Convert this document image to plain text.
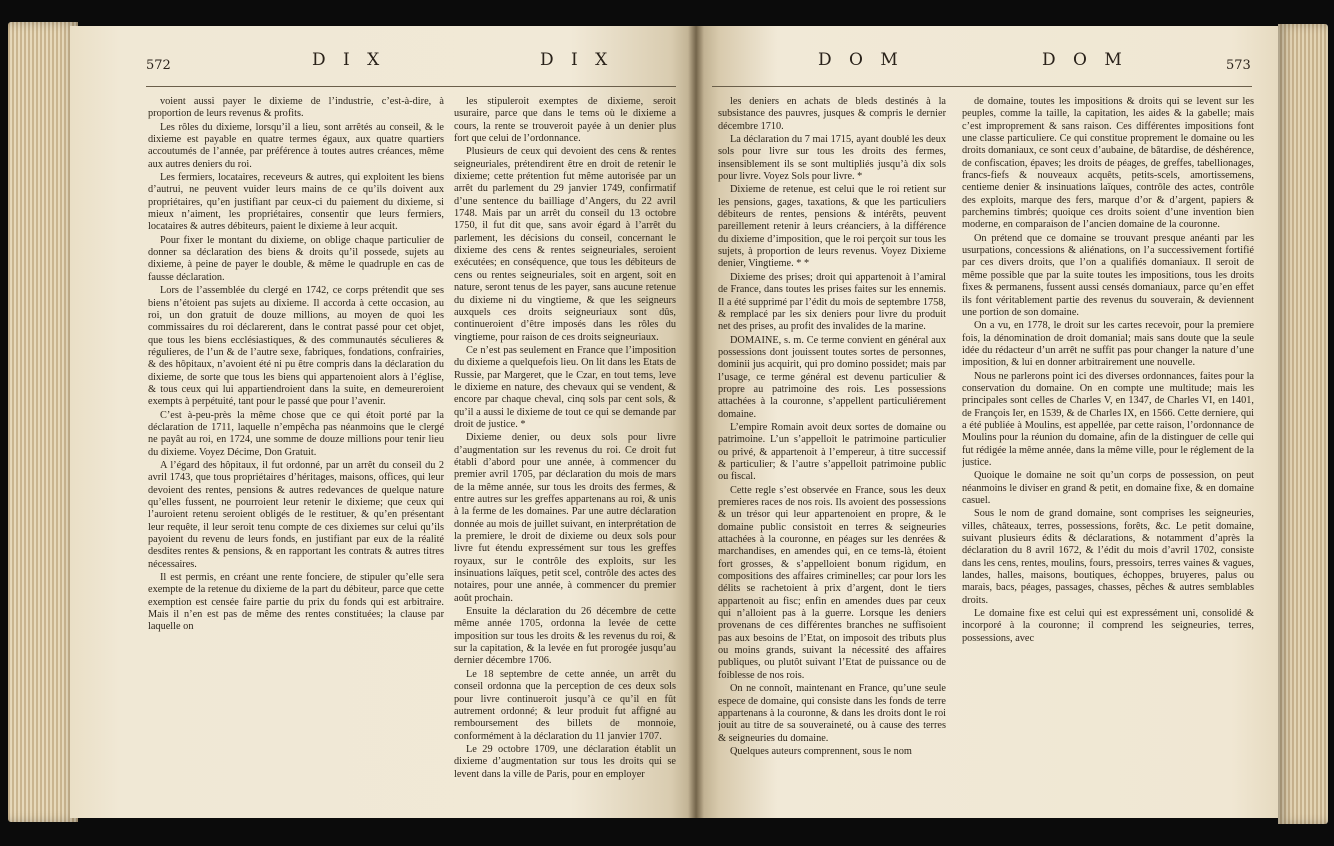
572	D I X	D I X	D O M	D O M	573

voient aussi payer le dixieme de l’industrie, c’est-à-dire, à proportion de leurs revenus & profits.

Les rôles du dixieme, lorsqu’il a lieu, sont arrêtés au conseil, & le dixieme est payable en quatre termes égaux, aux quatre quartiers accoutumés de l’année, par préférence à toutes autres créances, même aux autres deniers du roi.

Les fermiers, locataires, receveurs & autres, qui exploitent les biens d’autrui, ne peuvent vuider leurs mains de ce qu’ils doivent aux propriétaires, qu’en justifiant par ceux-ci du paiement du dixieme, si mieux n’aiment, les propriétaires, consentir que leurs fermiers, locataires & autres débiteurs, paient le dixieme à leur acquit.

Pour fixer le montant du dixieme, on oblige chaque particulier de donner sa déclaration des biens & droits qu’il possede, sujets au dixieme, à peine de payer le double, & même le quadruple en cas de fausse déclaration.

Lors de l’assemblée du clergé en 1742, ce corps prétendit que ses biens n’étoient pas sujets au dixieme. Il accorda à cette occasion, au roi, un don gratuit de douze millions, au moyen de quoi les commissaires du roi déclarerent, dans le contrat passé pour cet objet, que tous les biens ecclésiastiques, & des communautés séculieres & régulieres, de l’un & de l’autre sexe, fabriques, fondations, confrairies, & des hôpitaux, n’avoient été ni pu être compris dans la déclaration du dixieme, de sorte que tous les biens qui appartenoient alors à l’église, & tous ceux qui lui appartiendroient dans la suite, en demeureroient exempts à perpétuité, tant pour le passé que pour l’avenir.

C’est à-peu-près la même chose que ce qui étoit porté par la déclaration de 1711, laquelle n’empêcha pas néanmoins que le clergé ne payât au roi, en 1724, une somme de douze millions pour tenir lieu du dixieme. Voyez Décime, Don Gratuit.

A l’égard des hôpitaux, il fut ordonné, par un arrêt du conseil du 2 avril 1743, que tous propriétaires d’héritages, maisons, offices, qui leur devoient des rentes, pensions & autres redevances de quelque nature qu’elles fussent, ne pourroient leur retenir le dixieme; que ceux qui l’auroient retenu seroient obligés de le restituer, & qu’en présentant leur requête, il leur seroit tenu compte de ces dixiemes sur celui qu’ils payoient du revenu de leurs fonds, en justifiant par eux de la réalité desdites rentes & pensions, & en rapportant les contrats & autres titres nécessaires.

Il est permis, en créant une rente fonciere, de stipuler qu’elle sera exempte de la retenue du dixieme de la part du débiteur, parce que cette exemption est censée faire partie du prix du fonds qui est arbitraire. Mais il n’en est pas de même des rentes constituées; la clause par laquelle on

les stipuleroit exemptes de dixieme, seroit usuraire, parce que dans le tems où le dixieme a cours, la rente se trouveroit payée à un denier plus fort que celui de l’ordonnance.

Plusieurs de ceux qui devoient des cens & rentes seigneuriales, prétendirent être en droit de retenir le dixieme; cette prétention fut même autorisée par un arrêt du parlement du 29 janvier 1749, confirmatif d’une sentence du bailliage d’Angers, du 22 avril 1748. Mais par un arrêt du conseil du 13 octobre 1750, il fut dit que, sans avoir égard à l’arrêt du parlement, les décisions du conseil, concernant le dixieme des cens & rentes seigneuriales, seroient exécutées; en conséquence, que tous les débiteurs de cens ou rentes seigneuriales, soit en argent, soit en nature, seront tenus de les payer, sans aucune retenue du dixieme ni du vingtieme, & que les seigneurs auxquels ces droits seigneuriaux sont dûs, continueroient d’être imposés dans les rôles du vingtieme, pour raison de ces droits seigneuriaux.

Ce n’est pas seulement en France que l’imposition du dixieme a quelquefois lieu. On lit dans les Etats de Russie, par Margeret, que le Czar, en tout tems, leve le dixieme en nature, des chevaux qui se vendent, & encore par chaque cheval, cinq sols par cent sols, & qu’il a aussi le dixieme de tout ce qui se demande par droit de justice. *

Dixieme denier, ou deux sols pour livre d’augmentation sur les revenus du roi. Ce droit fut établi d’abord pour une année, à commencer du premier avril 1705, par déclaration du mois de mars de la même année, sur tous les droits des fermes, & entre autres sur les greffes appartenans au roi, & unis à la ferme de les domaines. Par une autre déclaration donnée au mois de juillet suivant, en interprétation de la premiere, le droit de dixieme ou deux sols pour livre fut étendu expressément sur tous les greffes royaux, sur le contrôle des exploits, sur les insinuations laïques, petit scel, contrôle des actes des notaires, pour une année, à commencer du premier août prochain.

Ensuite la déclaration du 26 décembre de cette même année 1705, ordonna la levée de cette imposition sur tous les droits & les revenus du roi, & sur la capitation, & la levée en fut prorogée jusqu’au dernier décembre 1706.

Le 18 septembre de cette année, un arrêt du conseil ordonna que la perception de ces deux sols pour livre continueroit jusqu’à ce qu’il en fût autrement ordonné; & leur produit fut affigné au remboursement des billets de monnoie, conformément à la déclaration du 11 janvier 1707.

Le 29 octobre 1709, une déclaration établit un dixieme d’augmentation sur tous les droits qui se levent dans la ville de Paris, pour en employer

les deniers en achats de bleds destinés à la subsistance des pauvres, jusques & compris le dernier décembre 1710.

La déclaration du 7 mai 1715, ayant doublé les deux sols pour livre sur tous les droits des fermes, insensiblement ils se sont multipliés jusqu’à dix sols pour livre. Voyez Sols pour livre. *

Dixieme de retenue, est celui que le roi retient sur les pensions, gages, taxations, & que les particuliers débiteurs de rentes, pensions & intérêts, peuvent pareillement retenir à leurs créanciers, à la différence du dixieme d’imposition, que le roi perçoit sur tous les sujets, à proportion de leurs revenus. Voyez Dixieme denier, Vingtieme. * *

Dixieme des prises; droit qui appartenoit à l’amiral de France, dans toutes les prises faites sur les ennemis. Il a été supprimé par l’édit du mois de septembre 1758, & remplacé par les six deniers pour livre du produit net des prises, au profit des invalides de la marine.

DOMAINE, s. m. Ce terme convient en général aux possessions dont jouissent toutes sortes de personnes, dominii jus acquirit, qui pro domino possidet; mais par l’usage, ce terme général est devenu particulier & propre au patrimoine des rois. Les possessions attachées à la couronne, s’appellent particuliérement domaine.

L’empire Romain avoit deux sortes de domaine ou patrimoine. L’un s’appelloit le patrimoine particulier ou privé, & appartenoit à l’empereur, à titre successif & particulier; & l’autre s’appelloit patrimoine public ou fiscal.

Cette regle s’est observée en France, sous les deux premieres races de nos rois. Ils avoient des possessions & un trésor qui leur appartenoient en propre, & le domaine public consistoit en terres & seigneuries attachées à la couronne, en péages sur les denrées & marchandises, en amendes qui, en ce tems-là, étoient fort grosses, & s’appelloient bonum rigidum, en compositions des affaires criminelles; car pour lors les délits se rachetoient à prix d’argent, dont le tiers appartenoit au fisc; enfin en amendes dues par ceux qui n’alloient pas à la guerre. Lorsque les deniers provenans de ces différentes branches ne suffisoient pas aux besoins de l’Etat, on imposoit des tributs plus ou moins grands, suivant la nécessité des affaires publiques, ou plutôt suivant l’Etat de puissance ou de foiblesse de nos rois.

On ne connoît, maintenant en France, qu’une seule espece de domaine, qui consiste dans les fonds de terre appartenans à la couronne, & dans les droits dont le roi jouit au titre de sa souveraineté, ou à cause des terres & seigneuries du domaine.

Quelques auteurs comprennent, sous le nom

de domaine, toutes les impositions & droits qui se levent sur les peuples, comme la taille, la capitation, les aides & la gabelle; mais c’est improprement & sans raison. Ces différentes impositions font une classe particuliere. Ce qui constitue proprement le domaine ou les droits domaniaux, ce sont ceux d’aubaine, de bâtardise, de déshérence, de confiscation, épaves; les droits de péages, de greffes, tabellionages, francs-fiefs & nouveaux acquêts, petits-scels, amortissemens, centieme denier & insinuations laïques, contrôle des actes, contrôle des exploits, marque des fers, marque d’or & d’argent, papiers & parchemins timbrés; quoique ces droits soient d’une invention bien moderne, en comparaison de l’ancien domaine de la couronne.

On prétend que ce domaine se trouvant presque anéanti par les usurpations, concessions & aliénations, on l’a successivement fortifié par ces divers droits, que l’on a qualifiés domaniaux. Il seroit de même possible que par la suite toutes les impositions, tous les droits fixes & permanens, fussent aussi censés domaniaux, parce qu’en effet ils font véritablement partie des revenus du souverain, & deviennent une portion de son domaine.

On a vu, en 1778, le droit sur les cartes recevoir, pour la premiere fois, la dénomination de droit domanial; mais sans doute que la seule idée du rédacteur d’un arrêt ne suffit pas pour changer la nature d’une imposition, & lui en donner arbitrairement une nouvelle.

Nous ne parlerons point ici des diverses ordonnances, faites pour la conservation du domaine. On en compte une multitude; mais les principales sont celles de Charles V, en 1347, de Charles VI, en 1401, de François Ier, en 1539, & de Charles IX, en 1566. Cette derniere, qui a été publiée à Moulins, est appellée, par cette raison, l’ordonnance de Moulins pour la réunion du domaine, afin de la distinguer de celle qui fut rédigée la même année, dans la même ville, pour le réglement de la justice.

Quoique le domaine ne soit qu’un corps de possession, on peut néanmoins le diviser en grand & petit, en domaine fixe, & en domaine casuel.

Sous le nom de grand domaine, sont comprises les seigneuries, villes, châteaux, terres, possessions, forêts, &c. Le petit domaine, suivant plusieurs édits & déclarations, & notamment d’après la déclaration du 8 avril 1672, & l’édit du mois d’avril 1702, consiste dans les cens, rentes, moulins, fours, pressoirs, terres vaines & vagues, landes, halles, maisons, boutiques, échoppes, bruyeres, palus ou marais, bacs, péages, passages, chasses, pêches & autres semblables droits.

Le domaine fixe est celui qui est expressément uni, consolidé & incorporé à la couronne; il comprend les seigneuries, terres, possessions, avec
